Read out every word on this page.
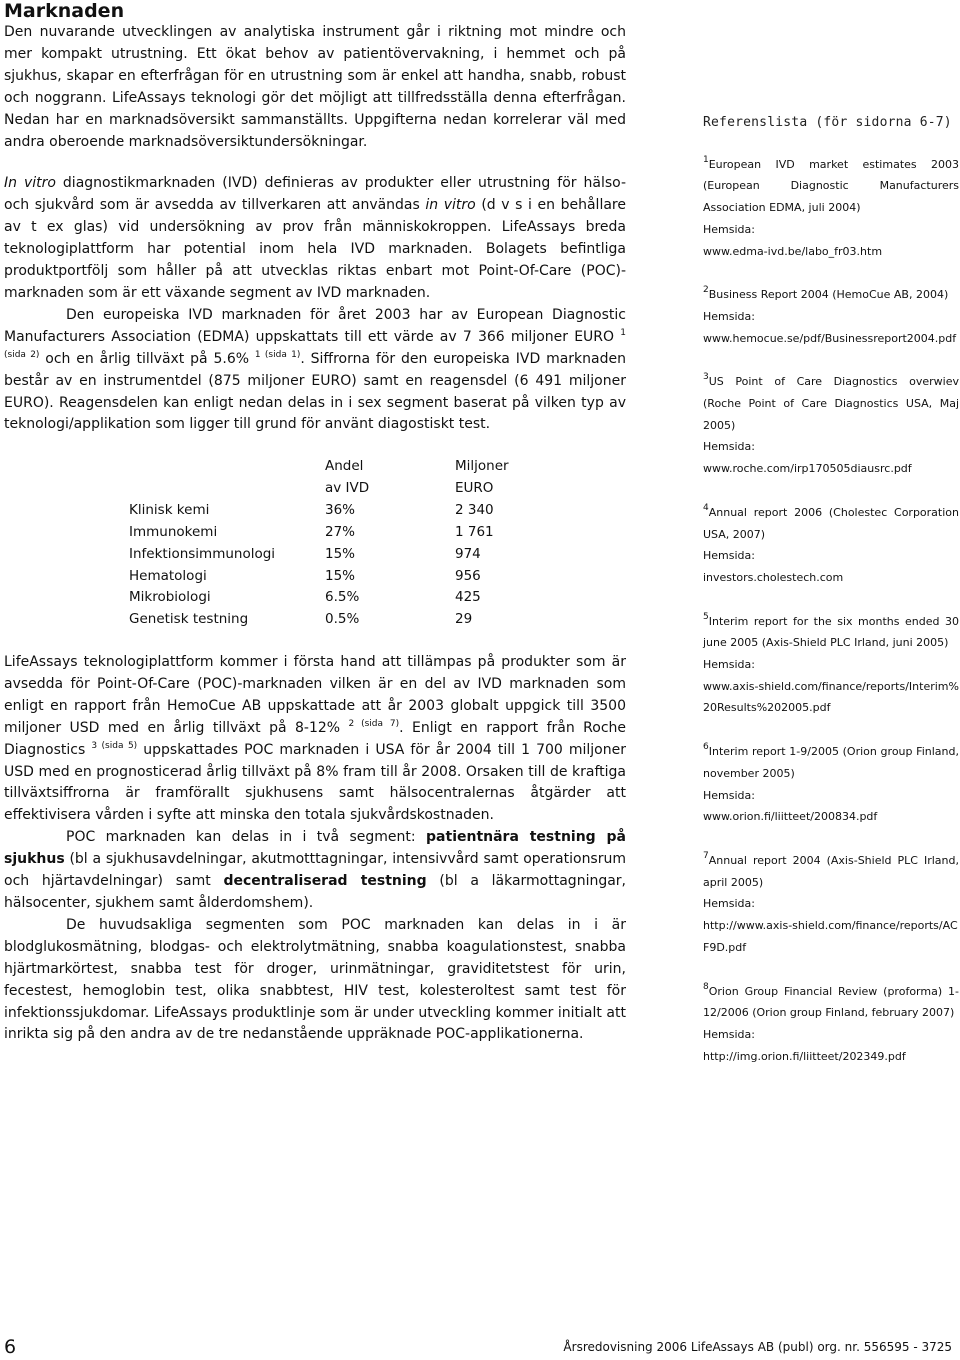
Marknaden

Den nuvarande utvecklingen av analytiska instrument går i riktning mot mindre och mer kompakt utrustning. Ett ökat behov av patientövervakning, i hemmet och på sjukhus, skapar en efterfrågan för en utrustning som är enkel att handha, snabb, robust och noggrann. LifeAssays teknologi gör det möjligt att tillfredsställa denna efterfrågan. Nedan har en marknadsöversikt sammanställts. Uppgifterna nedan korrelerar väl med andra oberoende marknadsöversiktundersökningar.

In vitro diagnostikmarknaden (IVD) definieras av produkter eller utrustning för hälso- och sjukvård som är avsedda av tillverkaren att användas in vitro (d v s i en behållare av t ex glas) vid undersökning av prov från människokroppen. LifeAssays breda teknologiplattform har potential inom hela IVD marknaden. Bolagets befintliga produktportfölj som håller på att utvecklas riktas enbart mot Point-Of-Care (POC)-marknaden som är ett växande segment av IVD marknaden.

Den europeiska IVD marknaden för året 2003 har av European Diagnostic Manufacturers Association (EDMA) uppskattats till ett värde av 7 366 miljoner EURO $^{1 (sida 2)}$ och en årlig tillväxt på 5.6% $^{1 (sida 1)}$. Siffrorna för den europeiska IVD marknaden består av en instrumentdel (875 miljoner EURO) samt en reagensdel (6 491 miljoner EURO). Reagensdelen kan enligt nedan delas in i sex segment baserat på vilken typ av teknologi/applikation som ligger till grund för använt diagostiskt test.

	Andel	Miljoner
	av IVD	EURO
Klinisk kemi	36%	2 340
Immunokemi	27%	1 761
Infektionsimmunologi	15%	974
Hematologi	15%	956
Mikrobiologi	6.5%	425
Genetisk testning	0.5%	29

LifeAssays teknologiplattform kommer i första hand att tillämpas på produkter som är avsedda för Point-Of-Care (POC)-marknaden vilken är en del av IVD marknaden som enligt en rapport från HemoCue AB uppskattade att år 2003 globalt uppgick till 3500 miljoner USD med en årlig tillväxt på 8-12% $^{2 (sida 7)}$. Enligt en rapport från Roche Diagnostics $^{3 (sida 5)}$ uppskattades POC marknaden i USA för år 2004 till 1 700 miljoner USD med en prognosticerad årlig tillväxt på 8% fram till år 2008. Orsaken till de kraftiga tillväxtsiffrorna är framförallt sjukhusens samt hälsocentralernas åtgärder att effektivisera vården i syfte att minska den totala sjukvårdskostnaden.

POC marknaden kan delas in i två segment: patientnära testning på sjukhus (bl a sjukhusavdelningar, akutmotttagningar, intensivvård samt operationsrum och hjärtavdelningar) samt decentraliserad testning (bl a läkarmottagningar, hälsocenter, sjukhem samt ålderdomshem).

De huvudsakliga segmenten som POC marknaden kan delas in i är blodglukosmätning, blodgas- och elektrolytmätning, snabba koagulationstest, snabba hjärtmarkörtest, snabba test för droger, urinmätningar, graviditetstest för urin, fecestest, hemoglobin test, olika snabbtest, HIV test, kolesteroltest samt test för infektionssjukdomar. LifeAssays produktlinje som är under utveckling kommer initialt att inrikta sig på den andra av de tre nedanstående uppräknade POC-applikationerna.

Referenslista (för sidorna 6-7)
$^1$European IVD market estimates 2003 (European Diagnostic Manufacturers Association EDMA, juli 2004)
Hemsida:
www.edma-ivd.be/labo_fr03.htm
$^2$Business Report 2004 (HemoCue AB, 2004)
Hemsida:
www.hemocue.se/pdf/Businessreport2004.pdf
$^3$US Point of Care Diagnostics overwiev (Roche Point of Care Diagnostics USA, Maj 2005)
Hemsida:
www.roche.com/irp170505diausrc.pdf
$^4$Annual report 2006 (Cholestec Corporation USA, 2007)
Hemsida:
investors.cholestech.com
$^5$Interim report for the six months ended 30 june 2005 (Axis-Shield PLC Irland, juni 2005)
Hemsida:
www.axis-shield.com/finance/reports/Interim%20Results%202005.pdf
$^6$Interim report 1-9/2005 (Orion group Finland, november 2005)
Hemsida:
www.orion.fi/liitteet/200834.pdf
$^7$Annual report 2004 (Axis-Shield PLC Irland, april 2005)
Hemsida:
http://www.axis-shield.com/finance/reports/ACF9D.pdf
$^8$Orion Group Financial Review (proforma) 1-12/2006 (Orion group Finland, february 2007)
Hemsida:
http://img.orion.fi/liitteet/202349.pdf
6	Årsredovisning 2006 LifeAssays AB (publ) org. nr. 556595 - 3725
